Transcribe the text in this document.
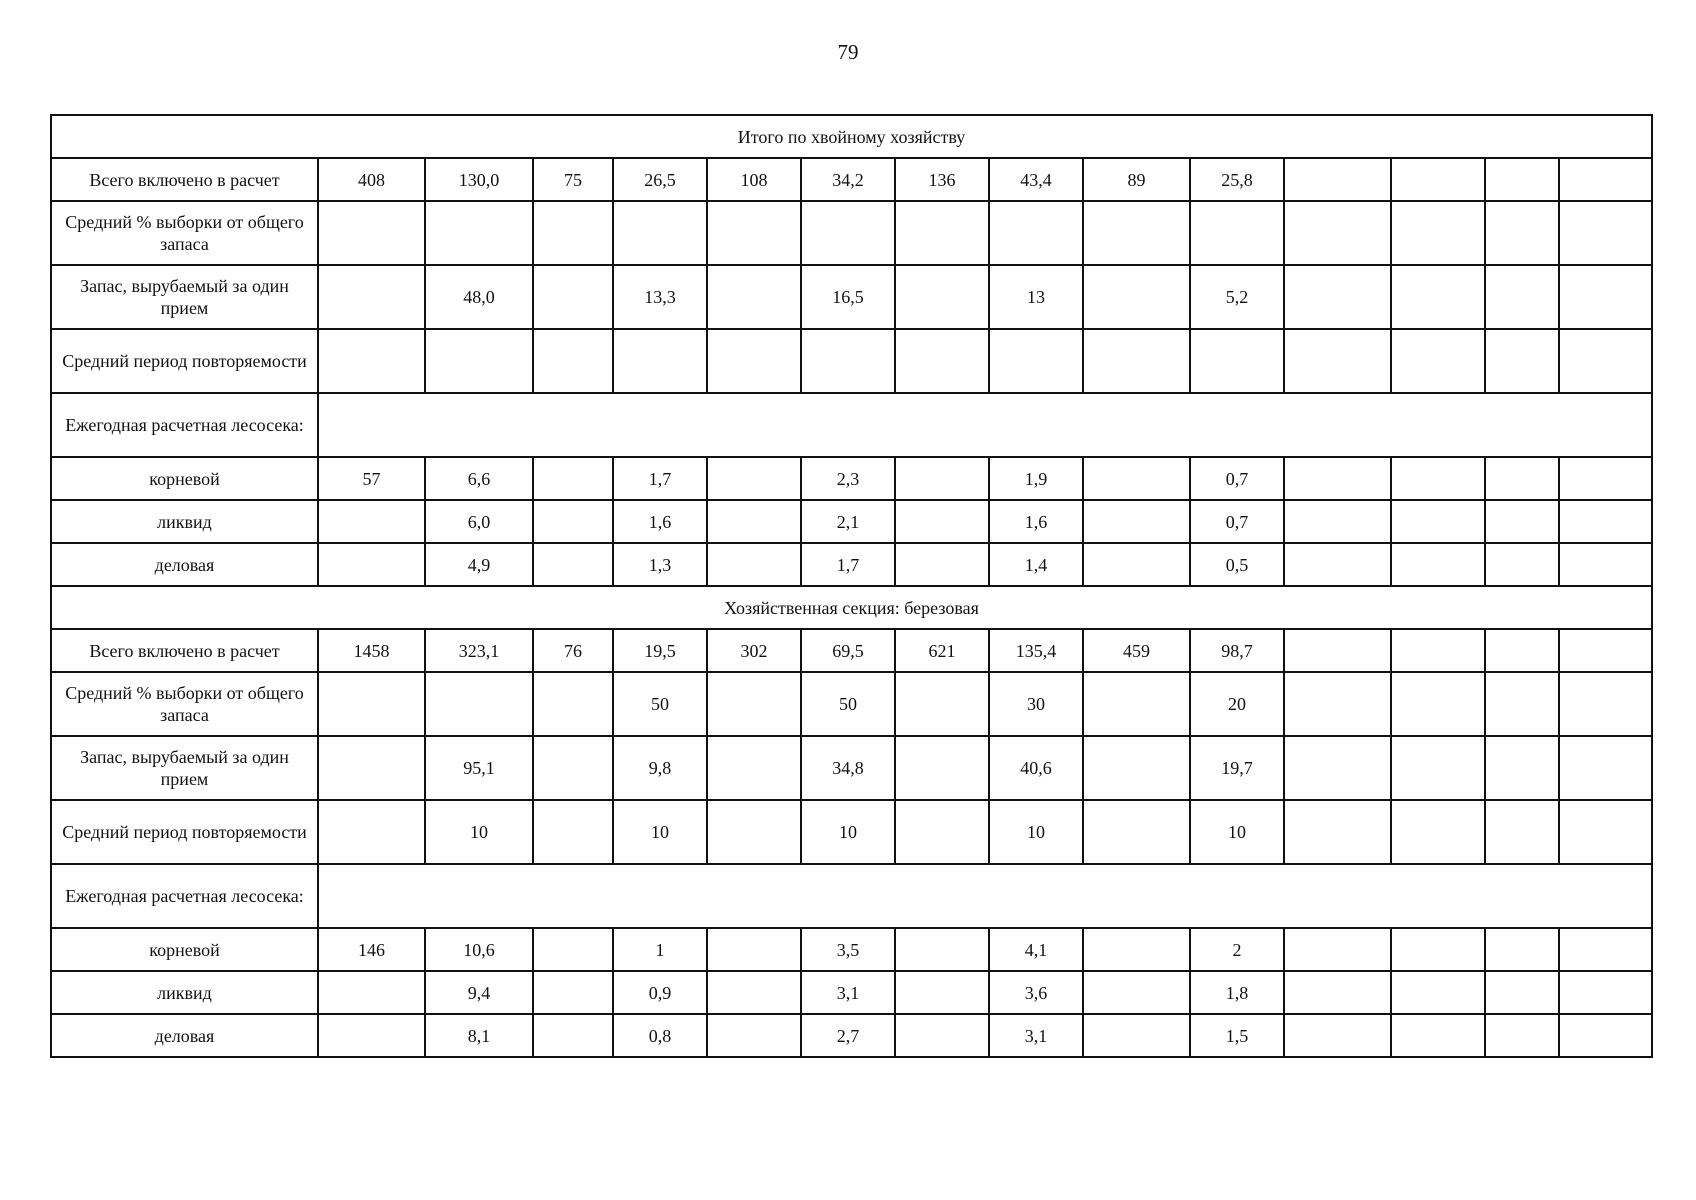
79
Итого по хвойному хозяйству														
Всего включено в расчет	408	130,0	75	26,5	108	34,2	136	43,4	89	25,8				
Средний % выборки от общего запаса														
Запас, вырубаемый за один прием		48,0		13,3		16,5		13		5,2				
Средний период повторяемости														
Ежегодная расчетная лесосека:														
корневой	57	6,6		1,7		2,3		1,9		0,7				
ликвид		6,0		1,6		2,1		1,6		0,7				
деловая		4,9		1,3		1,7		1,4		0,5				
Хозяйственная секция: березовая														
Всего включено в расчет	1458	323,1	76	19,5	302	69,5	621	135,4	459	98,7				
Средний % выборки от общего запаса				50		50		30		20				
Запас, вырубаемый за один прием		95,1		9,8		34,8		40,6		19,7				
Средний период повторяемости		10		10		10		10		10				
Ежегодная расчетная лесосека:														
корневой	146	10,6		1		3,5		4,1		2				
ликвид		9,4		0,9		3,1		3,6		1,8				
деловая		8,1		0,8		2,7		3,1		1,5				
